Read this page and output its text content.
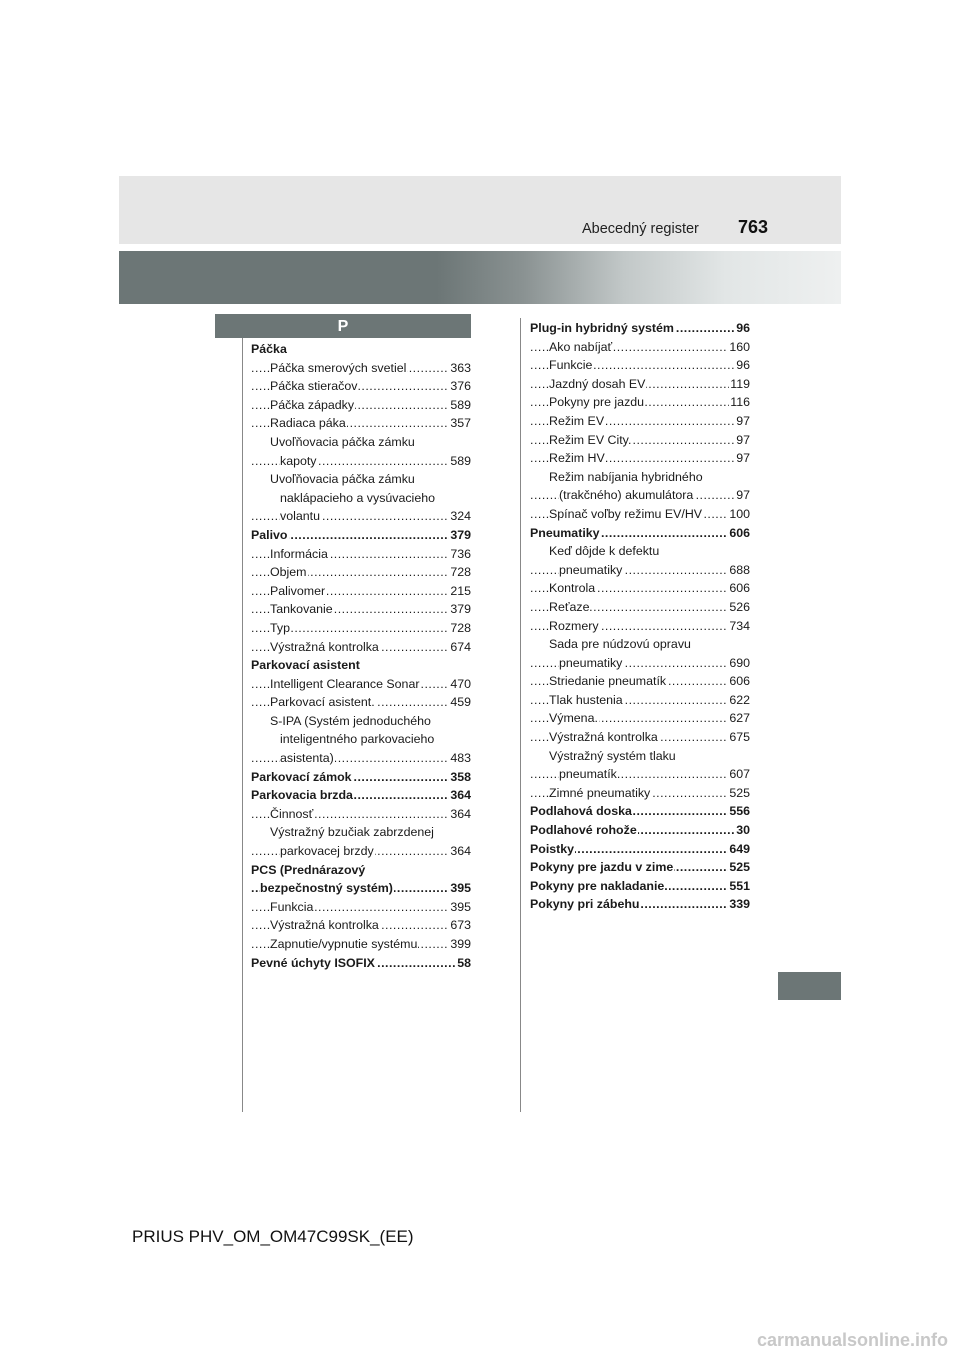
Abecedný register 763
P
Páčka
Páčka smerových svetiel	363
.....
Páčka stieračov	376
.....
Páčka západky	589
.....
Radiaca páka	357
.....
Uvoľňovacia páčka zámku
kapoty	589
.....
Uvoľňovacia páčka zámku
naklápacieho a vysúvacieho
volantu	324
.....
Palivo	379
.....
Informácia	736
.....
Objem	728
.....
Palivomer	215
.....
Tankovanie	379
.....
Typ	728
.....
Výstražná kontrolka	674
.....
Parkovací asistent
Intelligent Clearance Sonar 470
.....
Parkovací asistent.	459
.....
S-IPA (Systém jednoduchého
inteligentného parkovacieho
asistenta)	483
.....
Parkovací zámok	358
.....
Parkovacia brzda	364
.....
Činnosť	364
.....
Výstražný bzučiak zabrzdenej
parkovacej brzdy	364
.....
PCS (Prednárazový
bezpečnostný systém)	395
.....
Funkcia	395
.....
Výstražná kontrolka	673
.....
Zapnutie/vypnutie systému	399
.....
Pevné úchyty ISOFIX	58
.....
Plug-in hybridný systém	96
.....
Ako nabíjať	160
.....
Funkcie	96
.....
Jazdný dosah EV	119
.....
Pokyny pre jazdu	116
.....
Režim EV	97
.....
Režim EV City.	97
.....
Režim HV	97
.....
Režim nabíjania hybridného
(trakčného) akumulátora	97
.....
Spínač voľby režimu EV/HV 100
.....
Pneumatiky	606
.....
Keď dôjde k defektu
pneumatiky	688
.....
Kontrola	606
.....
Reťaze	526
.....
Rozmery	734
.....
Sada pre núdzovú opravu
pneumatiky	690
.....
Striedanie pneumatík	606
.....
Tlak hustenia	622
.....
Výmena.	627
.....
Výstražná kontrolka	675
.....
Výstražný systém tlaku
pneumatík.	607
.....
Zimné pneumatiky	525
.....
Podlahová doska	556
.....
Podlahové rohože	30
.....
Poistky	649
.....
Pokyny pre jazdu v zime	525
.....
Pokyny pre nakladanie.	551
.....
Pokyny pri zábehu	339
.....
PRIUS PHV_OM_OM47C99SK_(EE)
carmanualsonline.info
